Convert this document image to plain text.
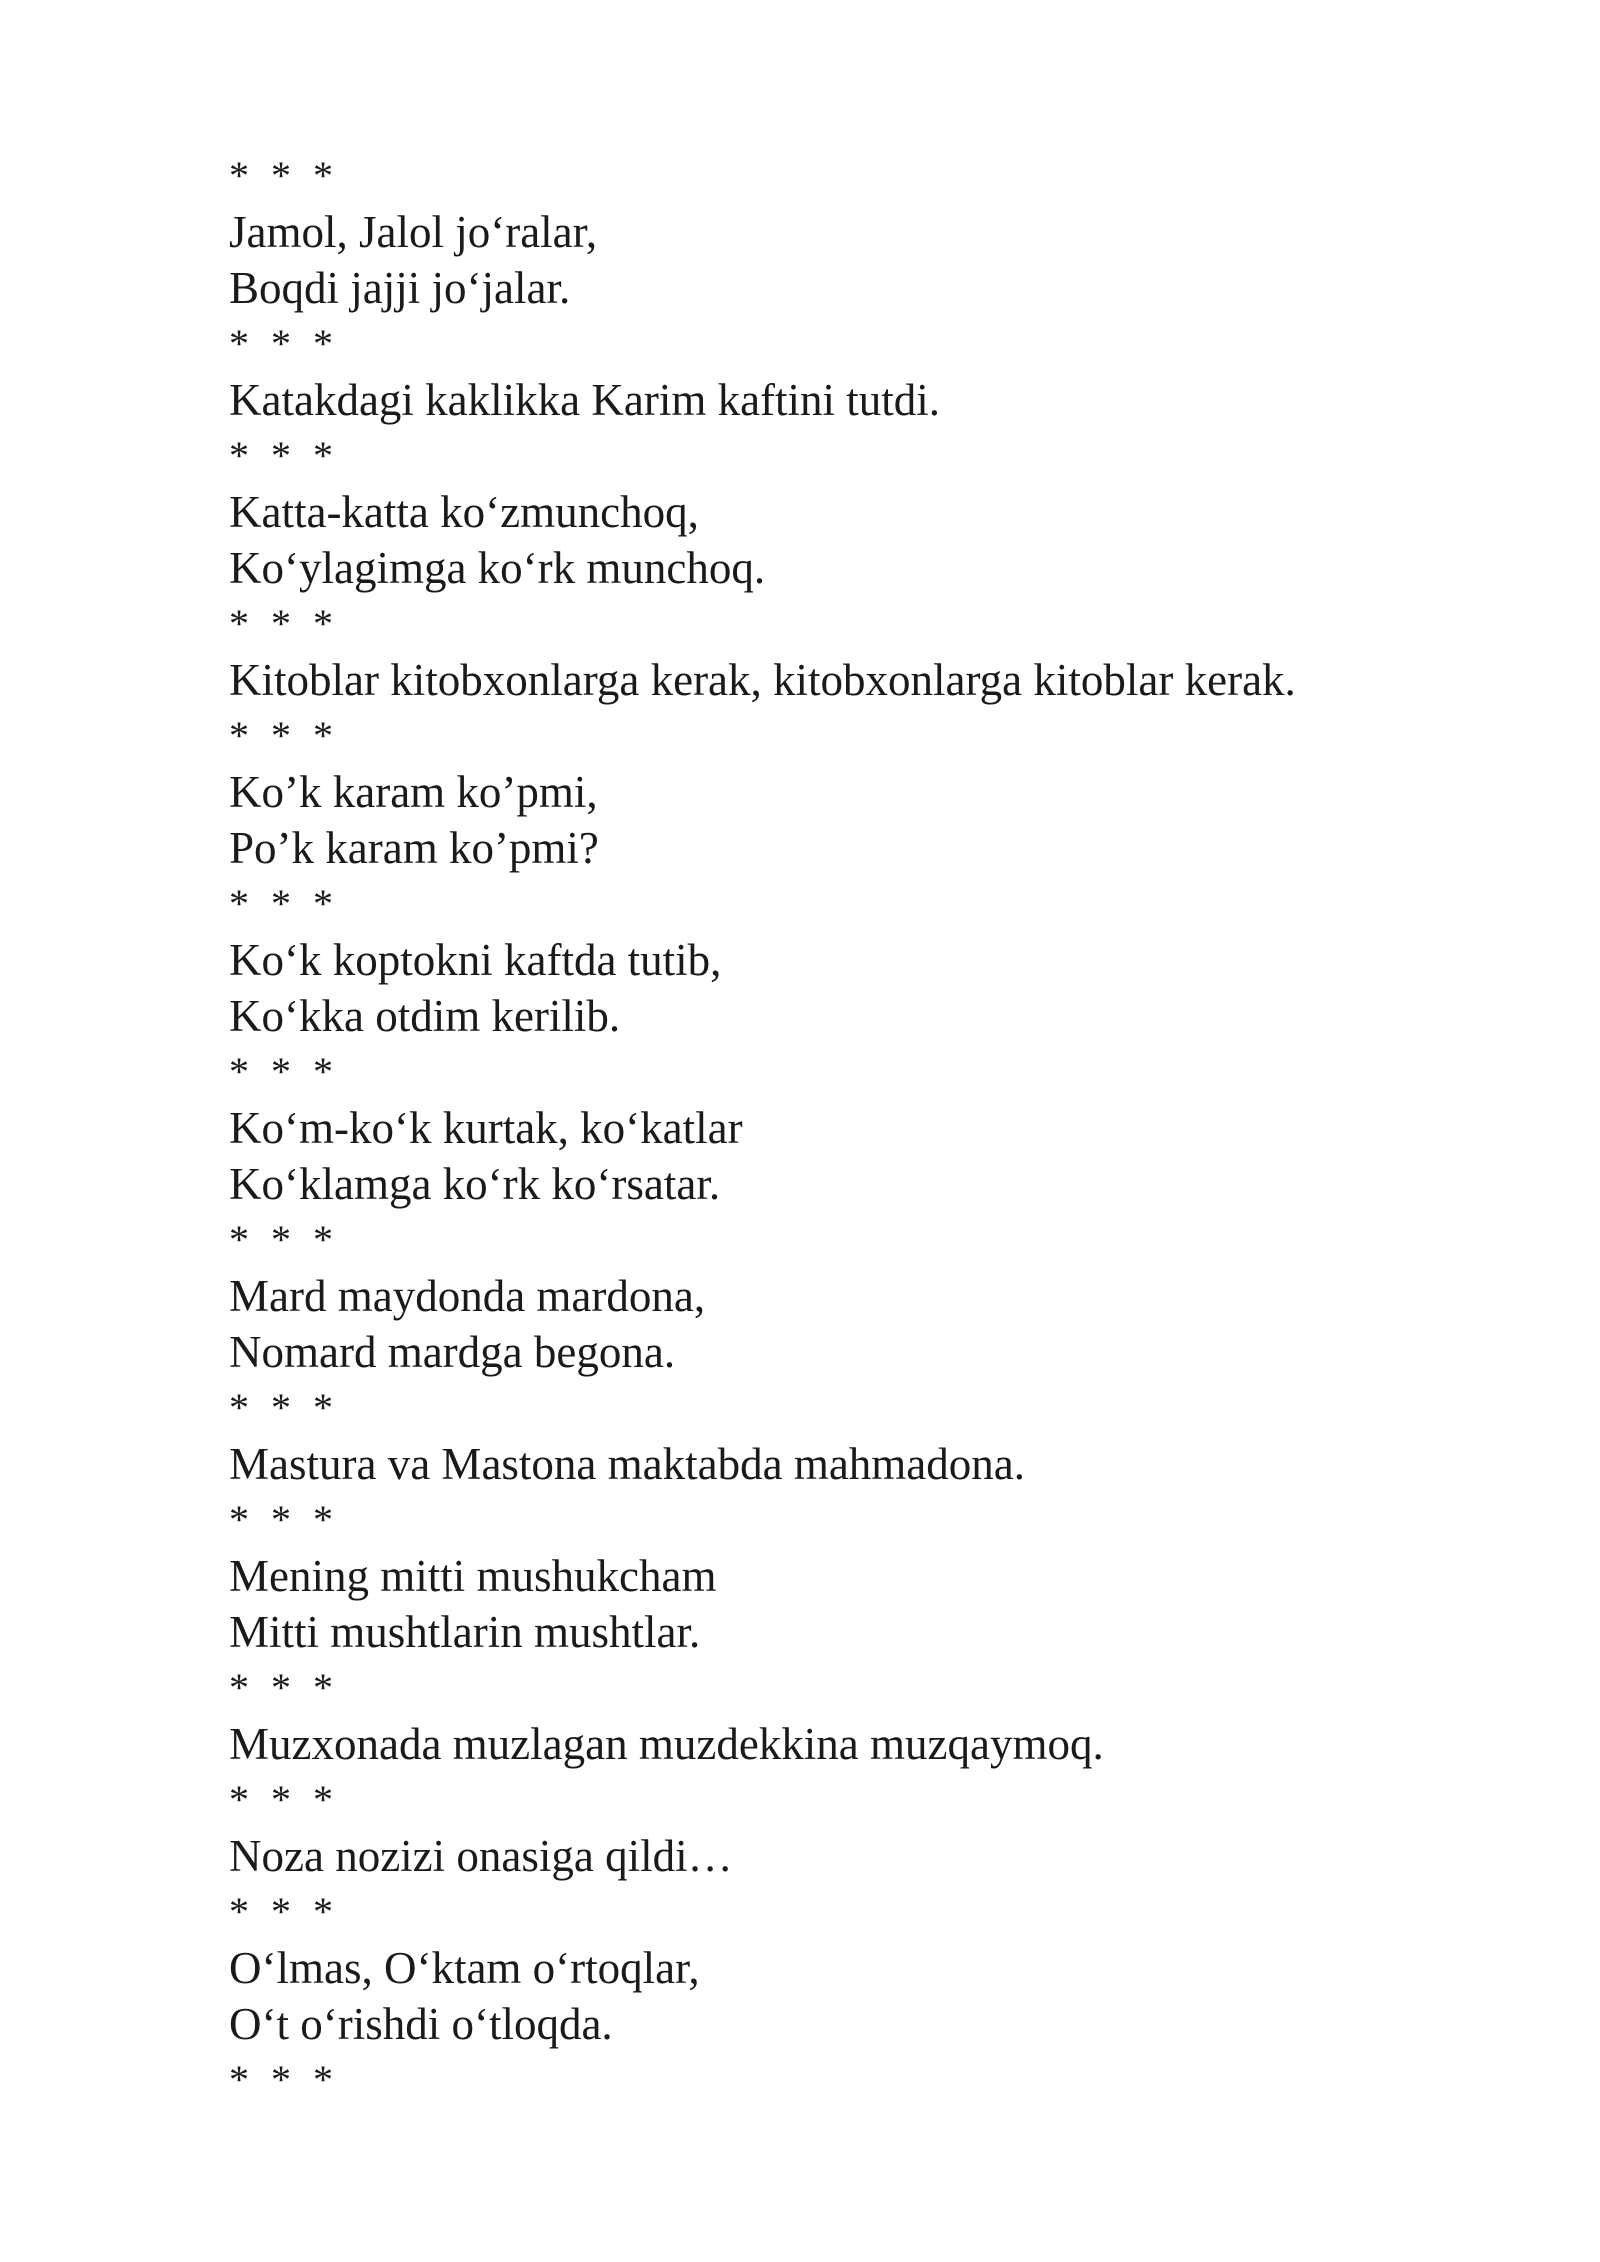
* * *
Jamol, Jalol jo‘ralar,
Boqdi jajji jo‘jalar.
* * *
Katakdagi kaklikka Karim kaftini tutdi.
* * *
Katta-katta ko‘zmunchoq,
Ko‘ylagimga ko‘rk munchoq.
* * *
Kitoblar kitobxonlarga kerak, kitobxonlarga kitoblar kerak.
* * *
Ko’k karam ko’pmi,
Po’k karam ko’pmi?
* * *
Ko‘k koptokni kaftda tutib,
Ko‘kka otdim kerilib.
* * *
Ko‘m-ko‘k kurtak, ko‘katlar
Ko‘klamga ko‘rk ko‘rsatar.
* * *
Mard maydonda mardona,
Nomard mardga begona.
* * *
Mastura va Mastona maktabda mahmadona.
* * *
Mening mitti mushukcham
Mitti mushtlarin mushtlar.
* * *
Muzxonada muzlagan muzdekkina muzqaymoq.
* * *
Noza nozizi onasiga qildi…
* * *
O‘lmas, O‘ktam o‘rtoqlar,
O‘t o‘rishdi o‘tloqda.
* * *
